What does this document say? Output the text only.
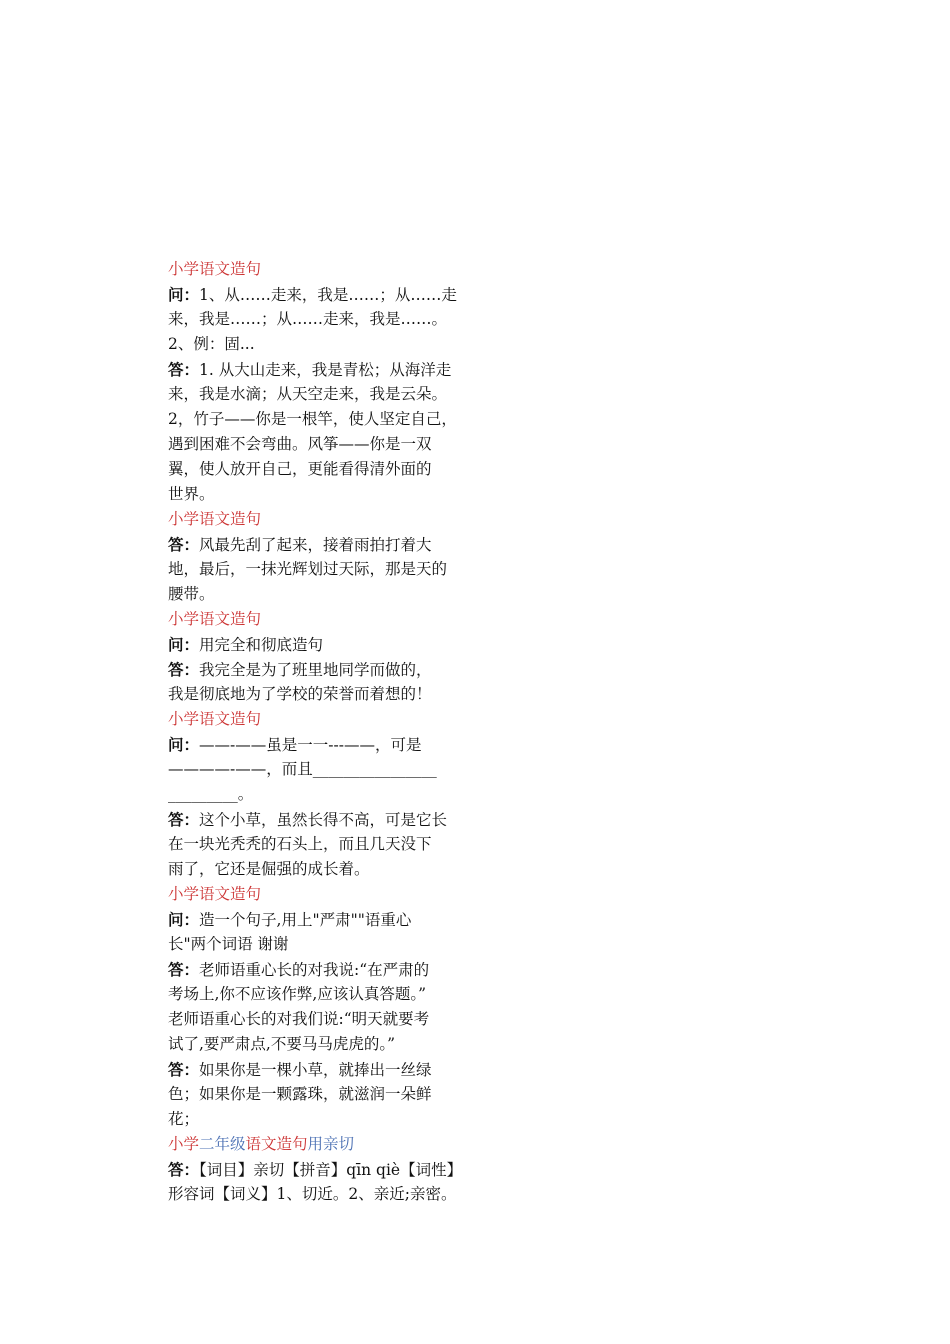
小学语文造句
问：1、从……走来，我是……；从……走
来，我是……；从……走来，我是……。
2、例：固...
答：1. 从大山走来，我是青松；从海洋走
来，我是水滴；从天空走来，我是云朵。
2，竹子——你是一根竿，使人坚定自己，
遇到困难不会弯曲。风筝——你是一双
翼，使人放开自己，更能看得清外面的
世界。
小学语文造句
答：风最先刮了起来，接着雨拍打着大
地，最后，一抹光辉划过天际，那是天的
腰带。
小学语文造句
问：用完全和彻底造句
答：我完全是为了班里地同学而做的，
我是彻底地为了学校的荣誉而着想的！
小学语文造句
问：——-——虽是一一---——，可是
————-——，而且________________
_________。
答：这个小草，虽然长得不高，可是它长
在一块光秃秃的石头上，而且几天没下
雨了，它还是倔强的成长着。
小学语文造句
问：造一个句子,用上"严肃""语重心
长"两个词语 谢谢
答：老师语重心长的对我说:“在严肃的
考场上,你不应该作弊,应该认真答题。”
老师语重心长的对我们说:“明天就要考
试了,要严肃点,不要马马虎虎的。”
答：如果你是一棵小草，就捧出一丝绿
色；如果你是一颗露珠，就滋润一朵鲜
花；
小学二年级语文造句用亲切
答：【词目】亲切【拼音】qīn qiè【词性】
形容词【词义】1、切近。2、亲近;亲密。
